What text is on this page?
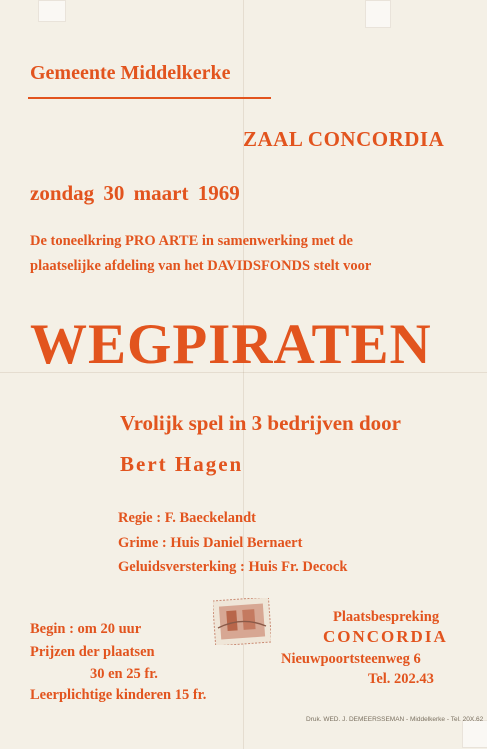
Gemeente Middelkerke
ZAAL CONCORDIA
zondag 30 maart 1969
De toneelkring PRO ARTE in samenwerking met de
plaatselijke afdeling van het DAVIDSFONDS stelt voor
WEGPIRATEN
Vrolijk spel in 3 bedrijven door
Bert Hagen
Regie : F. Baeckelandt
Grime : Huis Daniel Bernaert
Geluidsversterking : Huis Fr. Decock
Begin : om 20 uur
Prijzen der plaatsen
30 en 25 fr.
Leerplichtige kinderen 15 fr.
Plaatsbespreking
CONCORDIA
Nieuwpoortsteenweg 6
Tel. 202.43
Druk. WED. J. DEMEERSSEMAN - Middelkerke - Tel. 20X.62
